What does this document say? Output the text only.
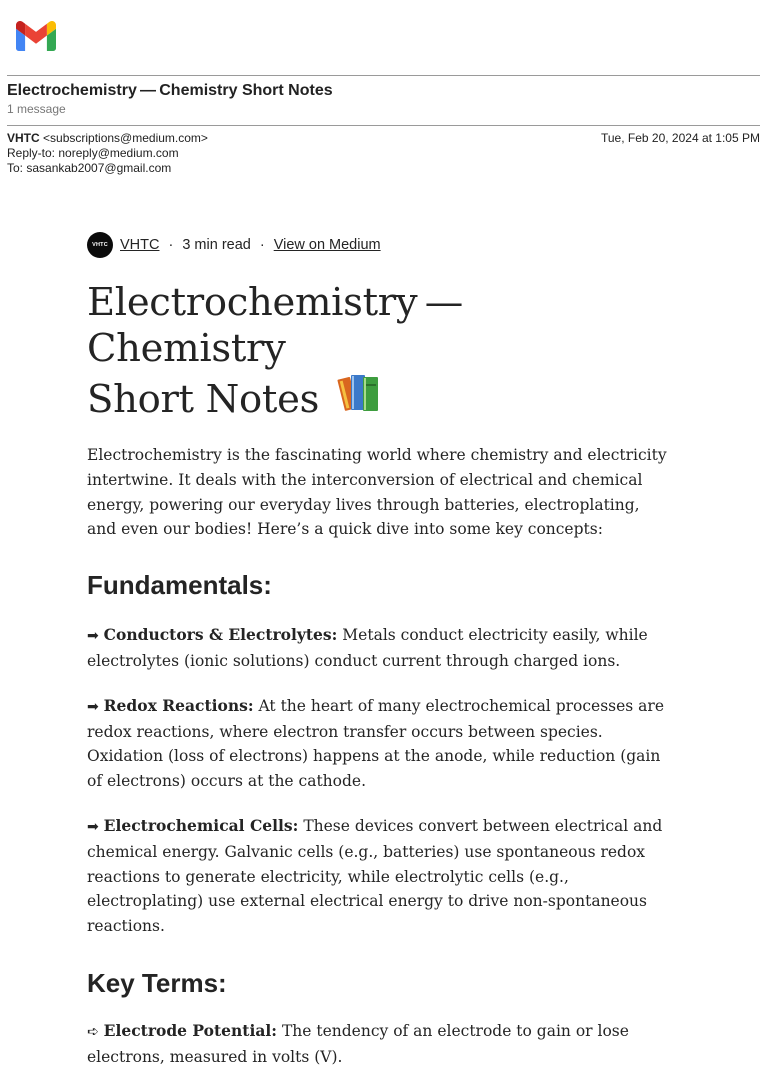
Electrochemistry — Chemistry Short Notes
1 message
VHTC <subscriptions@medium.com>
Reply-to: noreply@medium.com
To: sasankab2007@gmail.com
Tue, Feb 20, 2024 at 1:05 PM
VHTC VHTC · 3 min read · View on Medium
Electrochemistry — Chemistry
Short Notes

Electrochemistry is the fascinating world where chemistry and electricity intertwine. It deals with the interconversion of electrical and chemical energy, powering our everyday lives through batteries, electroplating, and even our bodies! Here’s a quick dive into some key concepts:

Fundamentals:
➡ Conductors & Electrolytes: Metals conduct electricity easily, while electrolytes (ionic solutions) conduct current through charged ions.
➡ Redox Reactions: At the heart of many electrochemical processes are redox reactions, where electron transfer occurs between species. Oxidation (loss of electrons) happens at the anode, while reduction (gain of electrons) occurs at the cathode.
➡ Electrochemical Cells: These devices convert between electrical and chemical energy. Galvanic cells (e.g., batteries) use spontaneous redox reactions to generate electricity, while electrolytic cells (e.g., electroplating) use external electrical energy to drive non-spontaneous reactions.
Key Terms:
➪ Electrode Potential: The tendency of an electrode to gain or lose electrons, measured in volts (V).
